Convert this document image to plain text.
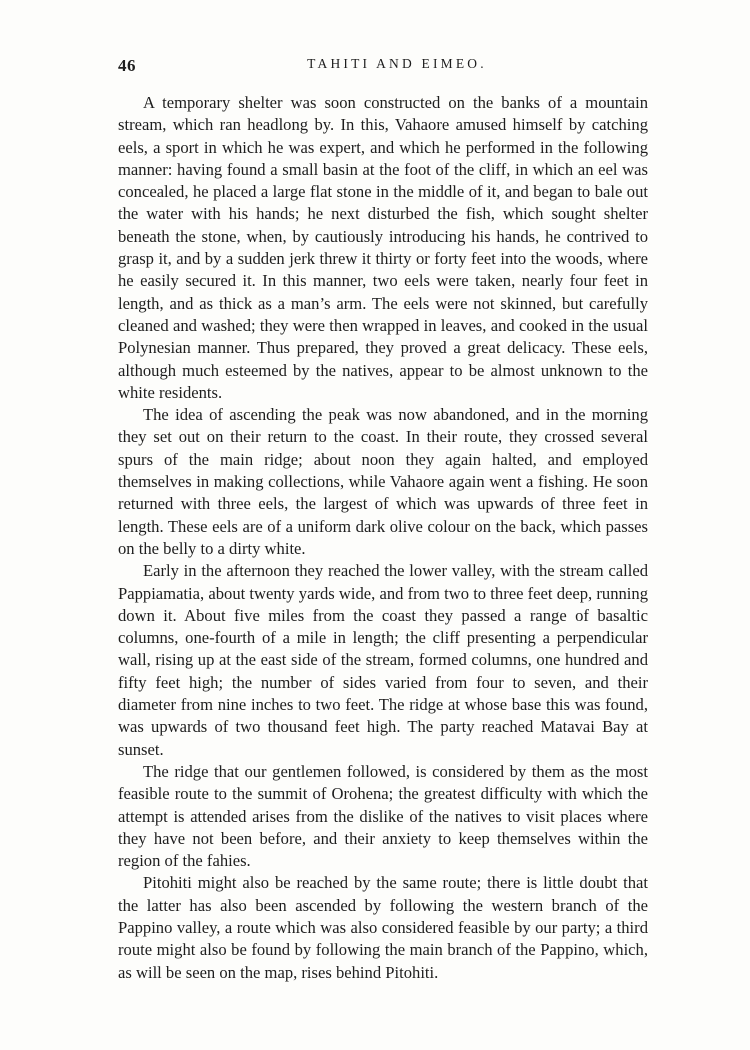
46	TAHITI AND EIMEO.

A temporary shelter was soon constructed on the banks of a mountain stream, which ran headlong by. In this, Vahaore amused himself by catching eels, a sport in which he was expert, and which he performed in the following manner: having found a small basin at the foot of the cliff, in which an eel was concealed, he placed a large flat stone in the middle of it, and began to bale out the water with his hands; he next disturbed the fish, which sought shelter beneath the stone, when, by cautiously introducing his hands, he contrived to grasp it, and by a sudden jerk threw it thirty or forty feet into the woods, where he easily secured it. In this manner, two eels were taken, nearly four feet in length, and as thick as a man’s arm. The eels were not skinned, but carefully cleaned and washed; they were then wrapped in leaves, and cooked in the usual Polynesian manner. Thus prepared, they proved a great delicacy. These eels, although much esteemed by the natives, appear to be almost unknown to the white residents.

The idea of ascending the peak was now abandoned, and in the morning they set out on their return to the coast. In their route, they crossed several spurs of the main ridge; about noon they again halted, and employed themselves in making collections, while Vahaore again went a fishing. He soon returned with three eels, the largest of which was upwards of three feet in length. These eels are of a uniform dark olive colour on the back, which passes on the belly to a dirty white.

Early in the afternoon they reached the lower valley, with the stream called Pappiamatia, about twenty yards wide, and from two to three feet deep, running down it. About five miles from the coast they passed a range of basaltic columns, one-fourth of a mile in length; the cliff presenting a perpendicular wall, rising up at the east side of the stream, formed columns, one hundred and fifty feet high; the number of sides varied from four to seven, and their diameter from nine inches to two feet. The ridge at whose base this was found, was upwards of two thousand feet high. The party reached Matavai Bay at sunset.

The ridge that our gentlemen followed, is considered by them as the most feasible route to the summit of Orohena; the greatest difficulty with which the attempt is attended arises from the dislike of the natives to visit places where they have not been before, and their anxiety to keep themselves within the region of the fahies.

Pitohiti might also be reached by the same route; there is little doubt that the latter has also been ascended by following the western branch of the Pappino valley, a route which was also considered feasible by our party; a third route might also be found by following the main branch of the Pappino, which, as will be seen on the map, rises behind Pitohiti.
